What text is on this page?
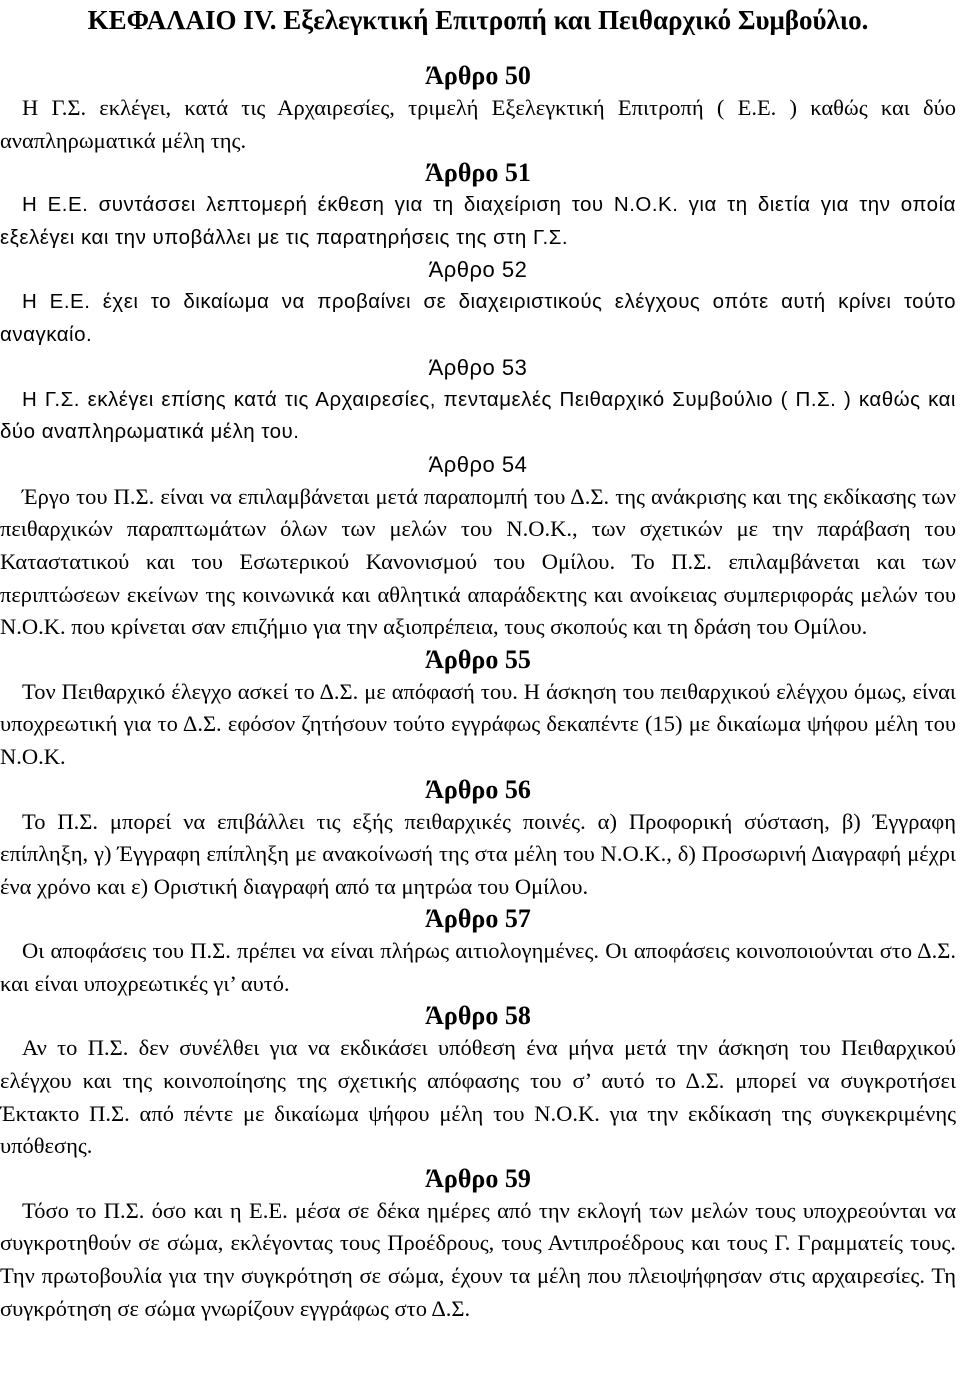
ΚΕΦΑΛΑΙΟ ΙV. Εξελεγκτική Επιτροπή και Πειθαρχικό Συμβούλιο.
Άρθρο 50

Η Γ.Σ. εκλέγει, κατά τις Αρχαιρεσίες, τριμελή Εξελεγκτική Επιτροπή ( Ε.Ε. ) καθώς και δύο αναπληρωματικά μέλη της.

Άρθρο 51

Η Ε.Ε. συντάσσει λεπτομερή έκθεση για τη διαχείριση του Ν.Ο.Κ. για τη διετία για την οποία εξελέγει και την υποβάλλει με τις παρατηρήσεις της στη Γ.Σ.

Άρθρο 52

Η Ε.Ε. έχει το δικαίωμα να προβαίνει σε διαχειριστικούς ελέγχους οπότε αυτή κρίνει τούτο αναγκαίο.

Άρθρο 53

Η Γ.Σ. εκλέγει επίσης κατά τις Αρχαιρεσίες, πενταμελές Πειθαρχικό Συμβούλιο ( Π.Σ. ) καθώς και δύο αναπληρωματικά μέλη του.

Άρθρο 54

Έργο του Π.Σ. είναι να επιλαμβάνεται μετά παραπομπή του Δ.Σ. της ανάκρισης και της εκδίκασης των πειθαρχικών παραπτωμάτων όλων των μελών του Ν.Ο.Κ., των σχετικών με την παράβαση του Καταστατικού και του Εσωτερικού Κανονισμού του Ομίλου. Το Π.Σ. επιλαμβάνεται και των περιπτώσεων εκείνων της κοινωνικά και αθλητικά απαράδεκτης και ανοίκειας συμπεριφοράς μελών του Ν.Ο.Κ. που κρίνεται σαν επιζήμιο για την αξιοπρέπεια, τους σκοπούς και τη δράση του Ομίλου.

Άρθρο 55

Τον Πειθαρχικό έλεγχο ασκεί το Δ.Σ. με απόφασή του. Η άσκηση του πειθαρχικού ελέγχου όμως, είναι υποχρεωτική για το Δ.Σ. εφόσον ζητήσουν τούτο εγγράφως δεκαπέντε (15) με δικαίωμα ψήφου μέλη του Ν.Ο.Κ.

Άρθρο 56

Το Π.Σ. μπορεί να επιβάλλει τις εξής πειθαρχικές ποινές. α) Προφορική σύσταση, β) Έγγραφη επίπληξη, γ) Έγγραφη επίπληξη με ανακοίνωσή της στα μέλη του Ν.Ο.Κ., δ) Προσωρινή Διαγραφή μέχρι ένα χρόνο και ε) Οριστική διαγραφή από τα μητρώα του Ομίλου.

Άρθρο 57

Οι αποφάσεις του Π.Σ. πρέπει να είναι πλήρως αιτιολογημένες. Οι αποφάσεις κοινοποιούνται στο Δ.Σ. και είναι υποχρεωτικές γι’ αυτό.

Άρθρο 58

Αν το Π.Σ. δεν συνέλθει για να εκδικάσει υπόθεση ένα μήνα μετά την άσκηση του Πειθαρχικού ελέγχου και της κοινοποίησης της σχετικής απόφασης του σ’ αυτό το Δ.Σ. μπορεί να συγκροτήσει Έκτακτο Π.Σ. από πέντε με δικαίωμα ψήφου μέλη του Ν.Ο.Κ. για την εκδίκαση της συγκεκριμένης υπόθεσης.

Άρθρο 59

Τόσο το Π.Σ. όσο και η Ε.Ε. μέσα σε δέκα ημέρες από την εκλογή των μελών τους υποχρεούνται να συγκροτηθούν σε σώμα, εκλέγοντας τους Προέδρους, τους Αντιπροέδρους και τους Γ. Γραμματείς τους. Την πρωτοβουλία για την συγκρότηση σε σώμα, έχουν τα μέλη που πλειοψήφησαν στις αρχαιρεσίες. Τη συγκρότηση σε σώμα γνωρίζουν εγγράφως στο Δ.Σ.
